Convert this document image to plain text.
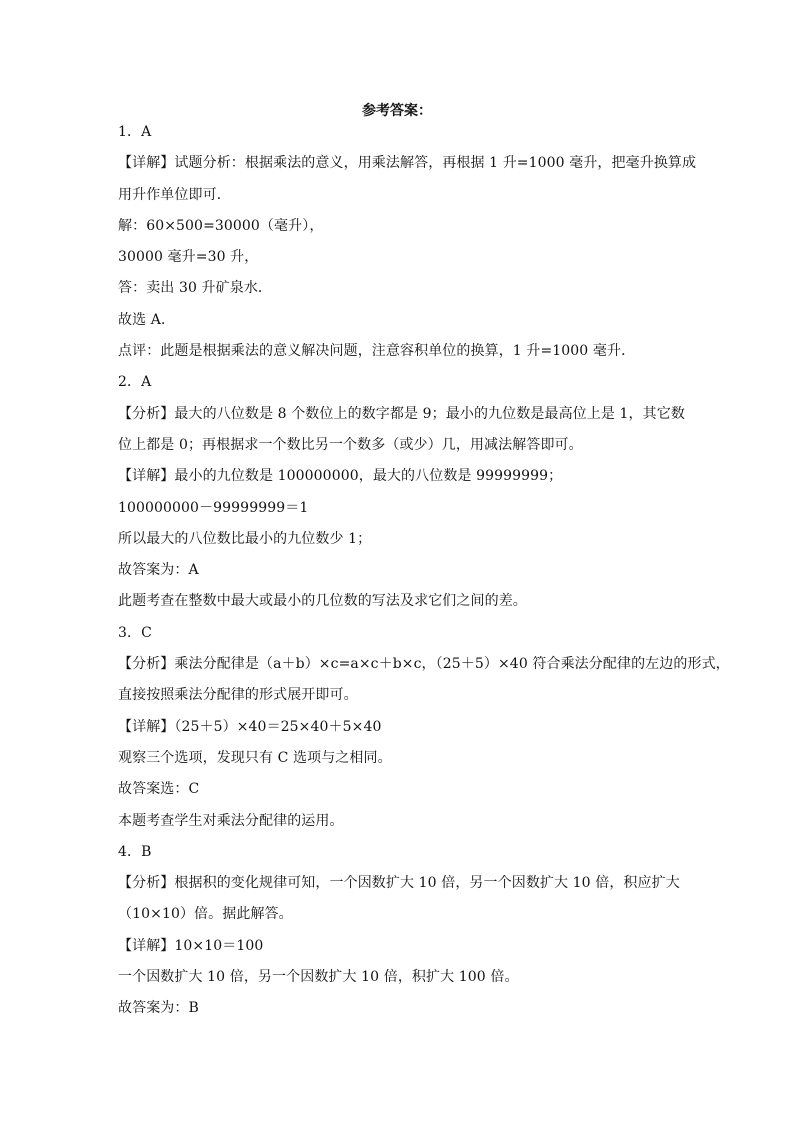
参考答案：
1．A
【详解】试题分析：根据乘法的意义，用乘法解答，再根据 1 升=1000 毫升，把毫升换算成
用升作单位即可．
解：60×500=30000（毫升），
30000 毫升=30 升，
答：卖出 30 升矿泉水．
故选 A．
点评：此题是根据乘法的意义解决问题，注意容积单位的换算，1 升=1000 毫升．
2．A
【分析】最大的八位数是 8 个数位上的数字都是 9；最小的九位数是最高位上是 1，其它数
位上都是 0；再根据求一个数比另一个数多（或少）几，用减法解答即可。
【详解】最小的九位数是 100000000，最大的八位数是 99999999；
100000000－99999999＝1
所以最大的八位数比最小的九位数少 1；
故答案为：A
此题考查在整数中最大或最小的几位数的写法及求它们之间的差。
3．C
【分析】乘法分配律是（a＋b）×c=a×c＋b×c，（25＋5）×40 符合乘法分配律的左边的形式，
直接按照乘法分配律的形式展开即可。
【详解】（25＋5）×40＝25×40＋5×40
观察三个选项，发现只有 C 选项与之相同。
故答案选：C
本题考查学生对乘法分配律的运用。
4．B
【分析】根据积的变化规律可知，一个因数扩大 10 倍，另一个因数扩大 10 倍，积应扩大
（10×10）倍。据此解答。
【详解】10×10＝100
一个因数扩大 10 倍，另一个因数扩大 10 倍，积扩大 100 倍。
故答案为：B
